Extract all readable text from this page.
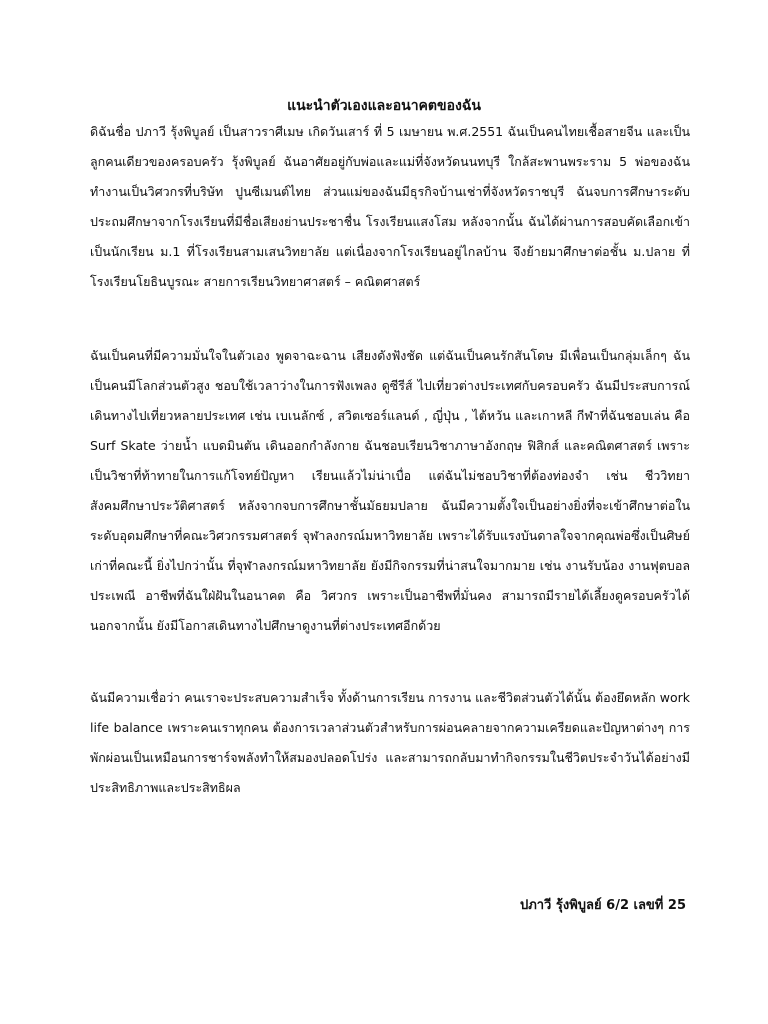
แนะนำตัวเองและอนาคตของฉัน

ดิฉันชื่อ ปภาวี รุ้งพิบูลย์ เป็นสาวราศีเมษ เกิดวันเสาร์ ที่ 5 เมษายน พ.ศ.2551 ฉันเป็นคนไทยเชื้อสายจีน และเป็นลูกคนเดียวของครอบครัว รุ้งพิบูลย์ ฉันอาศัยอยู่กับพ่อและแม่ที่จังหวัดนนทบุรี ใกล้สะพานพระราม 5 พ่อของฉันทำงานเป็นวิศวกรที่บริษัท ปูนซีเมนต์ไทย ส่วนแม่ของฉันมีธุรกิจบ้านเช่าที่จังหวัดราชบุรี ฉันจบการศึกษาระดับประถมศึกษาจากโรงเรียนที่มีชื่อเสียงย่านประชาชื่น โรงเรียนแสงโสม หลังจากนั้น ฉันได้ผ่านการสอบคัดเลือกเข้าเป็นนักเรียน ม.1 ที่โรงเรียนสามเสนวิทยาลัย แต่เนื่องจากโรงเรียนอยู่ไกลบ้าน จึงย้ายมาศึกษาต่อชั้น ม.ปลาย ที่ โรงเรียนโยธินบูรณะ สายการเรียนวิทยาศาสตร์ – คณิตศาสตร์

ฉันเป็นคนที่มีความมั่นใจในตัวเอง พูดจาฉะฉาน เสียงดังฟังชัด แต่ฉันเป็นคนรักสันโดษ มีเพื่อนเป็นกลุ่มเล็กๆ ฉันเป็นคนมีโลกส่วนตัวสูง ชอบใช้เวลาว่างในการฟังเพลง ดูซีรีส์ ไปเที่ยวต่างประเทศกับครอบครัว ฉันมีประสบการณ์เดินทางไปเที่ยวหลายประเทศ เช่น เบเนลักซ์ , สวิตเซอร์แลนด์ , ญี่ปุ่น , ไต้หวัน และเกาหลี กีฬาที่ฉันชอบเล่น คือ Surf Skate ว่ายน้ำ แบดมินตัน เดินออกกำลังกาย ฉันชอบเรียนวิชาภาษาอังกฤษ ฟิสิกส์ และคณิตศาสตร์ เพราะเป็นวิชาที่ท้าทายในการแก้โจทย์ปัญหา เรียนแล้วไม่น่าเบื่อ แต่ฉันไม่ชอบวิชาที่ต้องท่องจำ เช่น ชีววิทยา สังคมศึกษาประวัติศาสตร์ หลังจากจบการศึกษาชั้นมัธยมปลาย ฉันมีความตั้งใจเป็นอย่างยิ่งที่จะเข้าศึกษาต่อในระดับอุดมศึกษาที่คณะวิศวกรรมศาสตร์ จุฬาลงกรณ์มหาวิทยาลัย เพราะได้รับแรงบันดาลใจจากคุณพ่อซึ่งเป็นศิษย์เก่าที่คณะนี้ ยิ่งไปกว่านั้น ที่จุฬาลงกรณ์มหาวิทยาลัย ยังมีกิจกรรมที่น่าสนใจมากมาย เช่น งานรับน้อง งานฟุตบอลประเพณี อาชีพที่ฉันใฝ่ฝันในอนาคต คือ วิศวกร เพราะเป็นอาชีพที่มั่นคง สามารถมีรายได้เลี้ยงดูครอบครัวได้ นอกจากนั้น ยังมีโอกาสเดินทางไปศึกษาดูงานที่ต่างประเทศอีกด้วย

ฉันมีความเชื่อว่า คนเราจะประสบความสำเร็จ ทั้งด้านการเรียน การงาน และชีวิตส่วนตัวได้นั้น ต้องยึดหลัก work life balance เพราะคนเราทุกคน ต้องการเวลาส่วนตัวสำหรับการผ่อนคลายจากความเครียดและปัญหาต่างๆ การพักผ่อนเป็นเหมือนการชาร์จพลังทำให้สมองปลอดโปร่ง และสามารถกลับมาทำกิจกรรมในชีวิตประจำวันได้อย่างมีประสิทธิภาพและประสิทธิผล

ปภาวี รุ้งพิบูลย์ 6/2 เลขที่ 25
